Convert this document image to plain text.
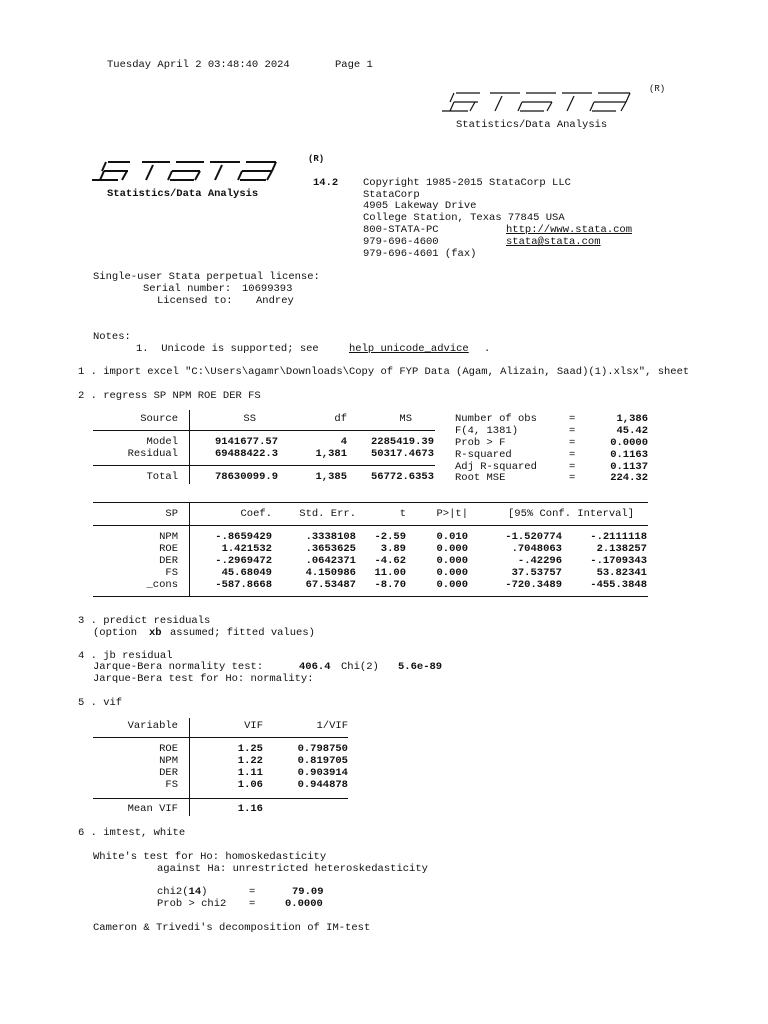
Tuesday April 2 03:48:40 2024	Page 1
(R)
Statistics/Data Analysis
(R)
Statistics/Data Analysis
14.2 Copyright 1985-2015 StataCorp LLC
StataCorp
4905 Lakeway Drive
College Station, Texas 77845 USA
800-STATA-PC	http://www.stata.com
979-696-4600	stata@stata.com
979-696-4601 (fax)
Single-user Stata perpetual license:
Serial number: 10699393
Licensed to: Andrey
Notes:
1.  Unicode is supported; see	help unicode_advice .
1 . import excel "C:\Users\agamr\Downloads\Copy of FYP Data (Agam, Alizain, Saad)(1).xlsx", sheet
2 . regress SP NPM ROE DER FS
Source	SS	df	MS
Model	9141677.57	4	2285419.39
Residual	69488422.3	1,381	50317.4673
Total	78630099.9	1,385	56772.6353
Number of obs	=	1,386
F(4, 1381)	=	45.42
Prob > F	=	0.0000
R-squared	=	0.1163
Adj R-squared	=	0.1137
Root MSE	=	224.32
SP	Coef.	Std. Err.	t	P>|t|	[95% Conf. Interval]
NPM	-.8659429	.3338108	-2.59	0.010	-1.520774	-.2111118
ROE	1.421532	.3653625	3.89	0.000	.7048063	2.138257
DER	-.2969472	.0642371	-4.62	0.000	-.42296	-.1709343
FS	45.68049	4.150986	11.00	0.000	37.53757	53.82341
_cons	-587.8668	67.53487	-8.70	0.000	-720.3489	-455.3848
3 . predict residuals
(option xb assumed; fitted values)
4 . jb residual
Jarque-Bera normality test:	406.4 Chi(2) 5.6e-89
Jarque-Bera test for Ho: normality:
5 . vif
Variable	VIF	1/VIF
ROE	1.25	0.798750
NPM	1.22	0.819705
DER	1.11	0.903914
FS	1.06	0.944878
Mean VIF	1.16
6 . imtest, white
White's test for Ho: homoskedasticity
against Ha: unrestricted heteroskedasticity
chi2(14)	=	79.09
Prob > chi2 =	0.0000
Cameron & Trivedi's decomposition of IM-test
